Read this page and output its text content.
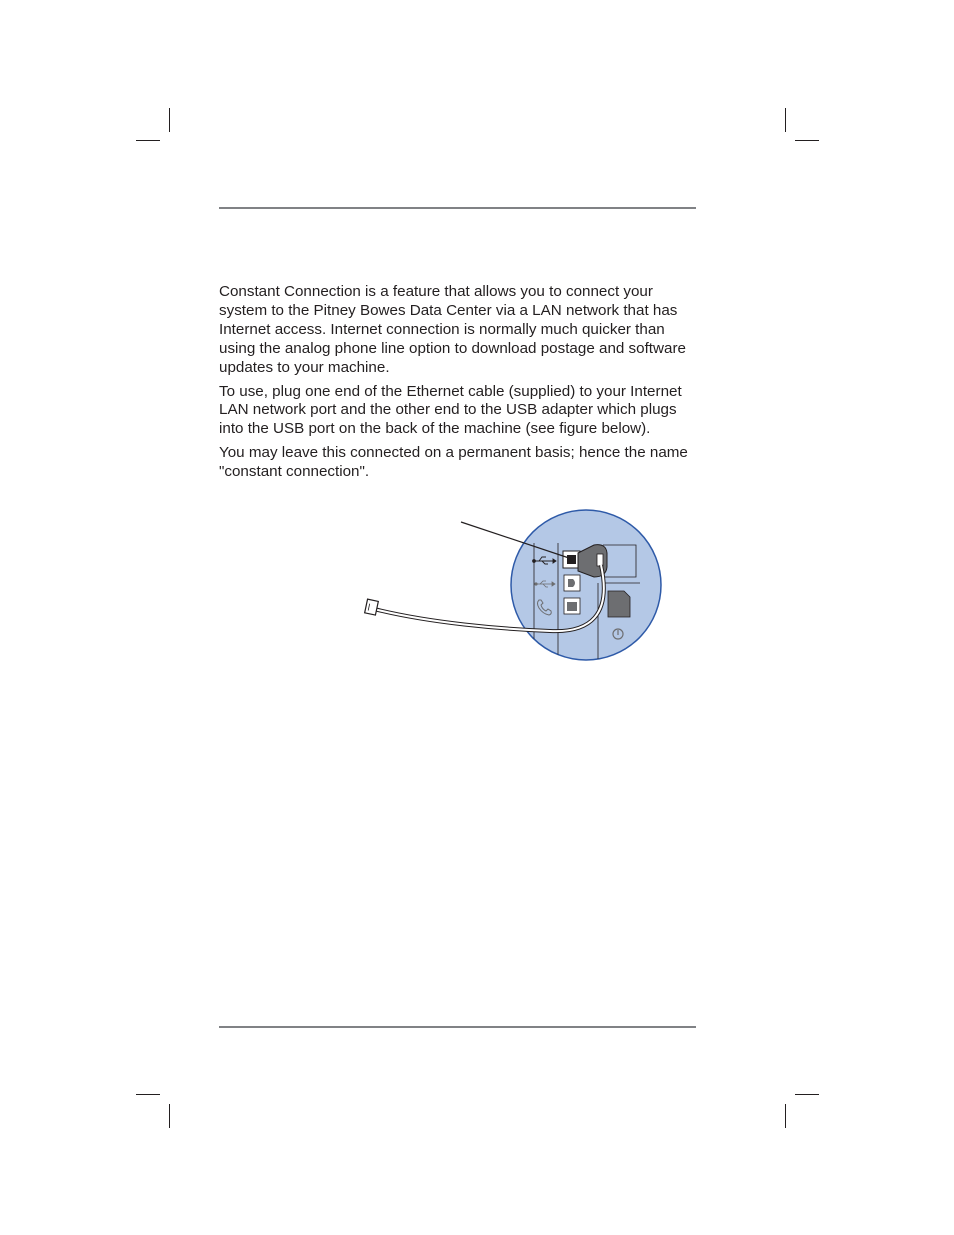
Constant Connection is a feature that allows you to connect your system to the Pitney Bowes Data Center via a LAN network that has Internet access. Internet connection is normally much quicker than using the analog phone line option to download postage and software updates to your machine.

To use, plug one end of the Ethernet cable (supplied) to your Internet LAN network port and the other end to the USB adapter which plugs into the USB port on the back of the machine (see figure below).

You may leave this connected on a permanent basis; hence the name "constant connection".
